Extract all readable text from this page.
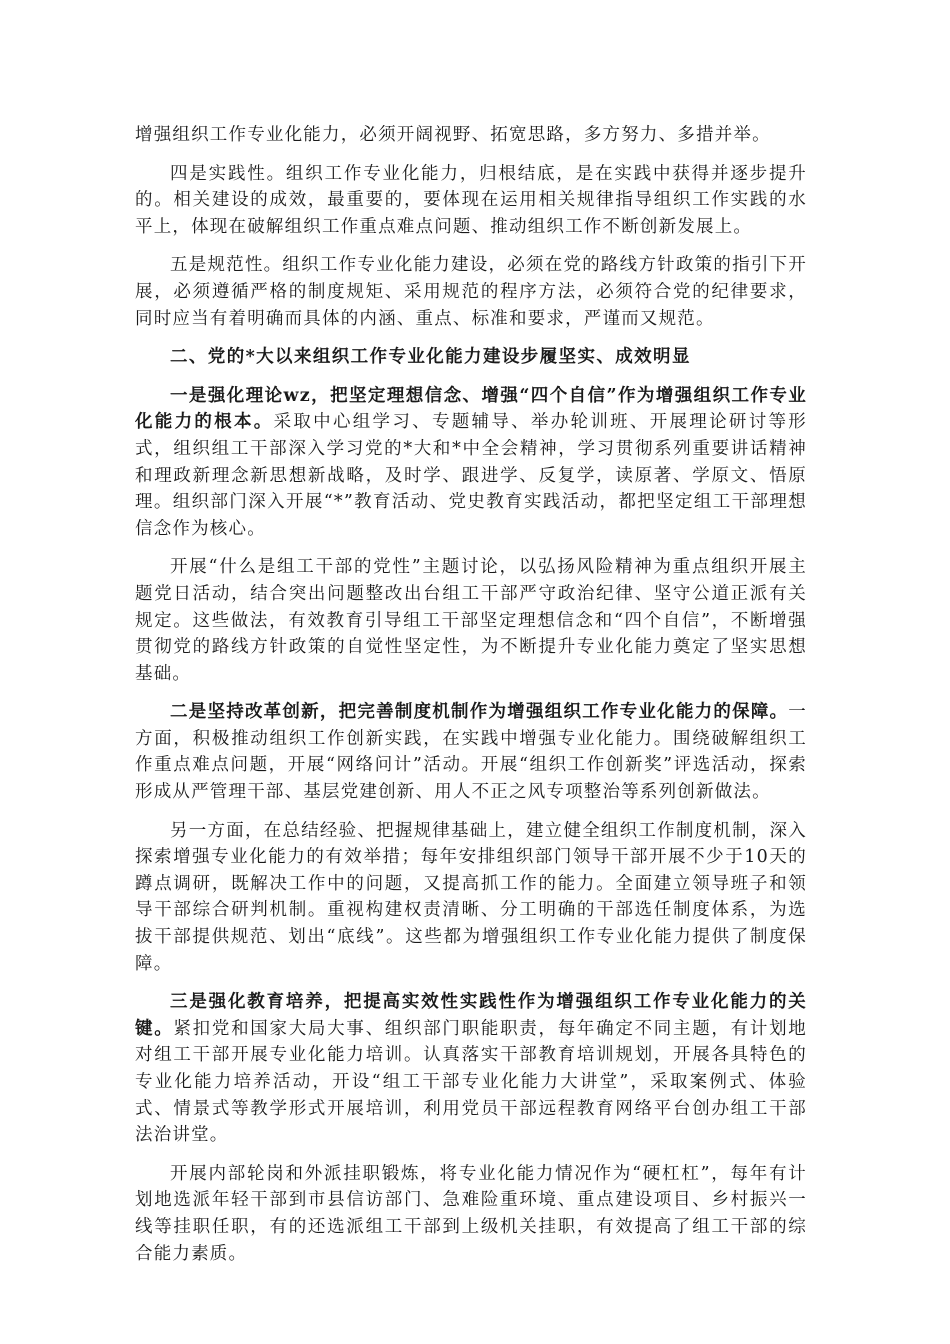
增强组织工作专业化能力，必须开阔视野、拓宽思路，多方努力、多措并举。

四是实践性。组织工作专业化能力，归根结底，是在实践中获得并逐步提升的。相关建设的成效，最重要的，要体现在运用相关规律指导组织工作实践的水平上，体现在破解组织工作重点难点问题、推动组织工作不断创新发展上。

五是规范性。组织工作专业化能力建设，必须在党的路线方针政策的指引下开展，必须遵循严格的制度规矩、采用规范的程序方法，必须符合党的纪律要求，同时应当有着明确而具体的内涵、重点、标准和要求，严谨而又规范。

二、党的*大以来组织工作专业化能力建设步履坚实、成效明显

一是强化理论wz，把坚定理想信念、增强“四个自信”作为增强组织工作专业化能力的根本。采取中心组学习、专题辅导、举办轮训班、开展理论研讨等形式，组织组工干部深入学习党的*大和*中全会精神，学习贯彻系列重要讲话精神和理政新理念新思想新战略，及时学、跟进学、反复学，读原著、学原文、悟原理。组织部门深入开展“*”教育活动、党史教育实践活动，都把坚定组工干部理想信念作为核心。

开展“什么是组工干部的党性”主题讨论，以弘扬风险精神为重点组织开展主题党日活动，结合突出问题整改出台组工干部严守政治纪律、坚守公道正派有关规定。这些做法，有效教育引导组工干部坚定理想信念和“四个自信”，不断增强贯彻党的路线方针政策的自觉性坚定性，为不断提升专业化能力奠定了坚实思想基础。

二是坚持改革创新，把完善制度机制作为增强组织工作专业化能力的保障。一方面，积极推动组织工作创新实践，在实践中增强专业化能力。围绕破解组织工作重点难点问题，开展“网络问计”活动。开展“组织工作创新奖”评选活动，探索形成从严管理干部、基层党建创新、用人不正之风专项整治等系列创新做法。

另一方面，在总结经验、把握规律基础上，建立健全组织工作制度机制，深入探索增强专业化能力的有效举措；每年安排组织部门领导干部开展不少于10天的蹲点调研，既解决工作中的问题，又提高抓工作的能力。全面建立领导班子和领导干部综合研判机制。重视构建权责清晰、分工明确的干部选任制度体系，为选拔干部提供规范、划出“底线”。这些都为增强组织工作专业化能力提供了制度保障。

三是强化教育培养，把提高实效性实践性作为增强组织工作专业化能力的关键。紧扣党和国家大局大事、组织部门职能职责，每年确定不同主题，有计划地对组工干部开展专业化能力培训。认真落实干部教育培训规划，开展各具特色的专业化能力培养活动，开设“组工干部专业化能力大讲堂”，采取案例式、体验式、情景式等教学形式开展培训，利用党员干部远程教育网络平台创办组工干部法治讲堂。

开展内部轮岗和外派挂职锻炼，将专业化能力情况作为“硬杠杠”，每年有计划地选派年轻干部到市县信访部门、急难险重环境、重点建设项目、乡村振兴一线等挂职任职，有的还选派组工干部到上级机关挂职，有效提高了组工干部的综合能力素质。
